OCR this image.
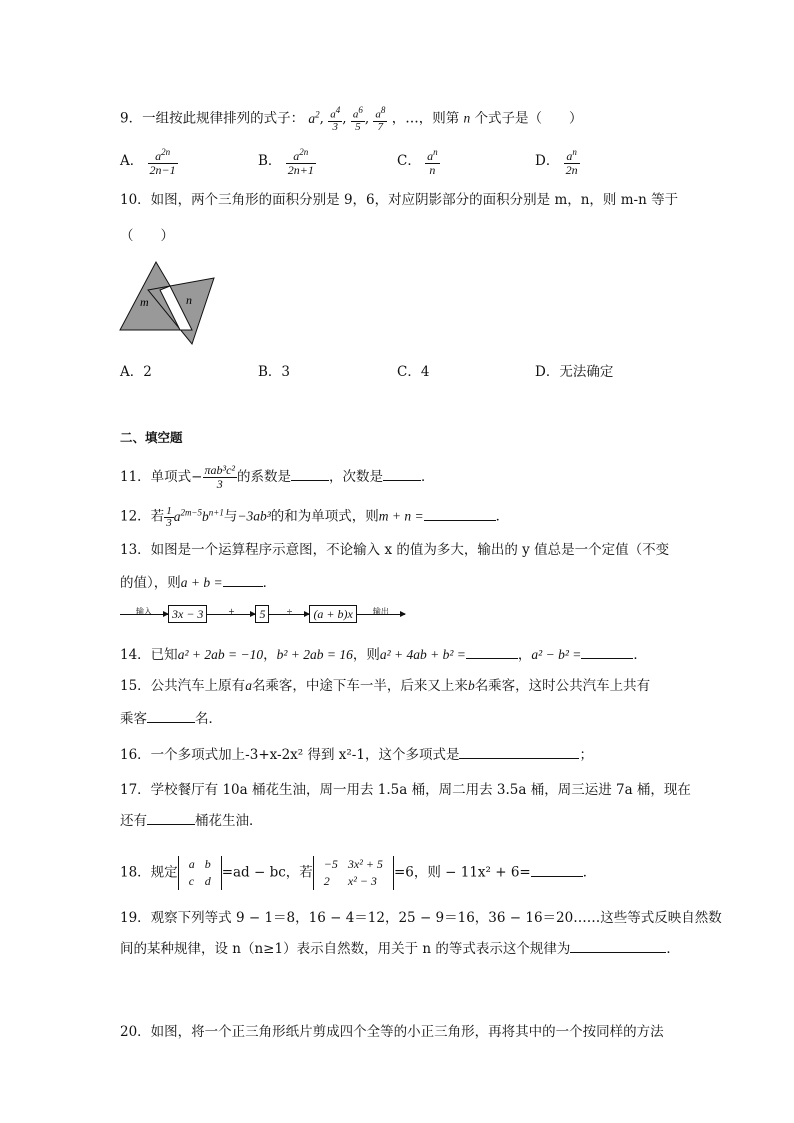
9．一组按此规律排列的式子： $a^2$, $\frac{a^4}{3}$ , $\frac{a^6}{5}$ , $\frac{a^8}{7}$ ，…，则第 n 个式子是（　　）
A． $\frac{a^{2n}}{2n-1}$	B． $\frac{a^{2n}}{2n+1}$	C． $\frac{a^n}{n}$	D． $\frac{a^n}{2n}$
10．如图，两个三角形的面积分别是 9，6，对应阴影部分的面积分别是 m，n，则 m-n 等于
（　　）
m	n
A．2	B．3	C．4	D．无法确定
二、填空题
11．单项式− $\frac{\text{πab³c²}}{3}$ 的系数是	，次数是	．
12．若 $\frac{1}{3} a^{2m-5}b^{n+1}$与−3ab³的和为单项式，则m + n =	．
13．如图是一个运算程序示意图，不论输入 x 的值为多大，输出的 y 值总是一个定值（不变
的值），则a + b =	．
输入	3x − 3	+	5	÷	(a + b)x	输出
14．已知a² + 2ab = −10，b² + 2ab = 16，则a² + 4ab + b² =	，a² − b² =	．
15．公共汽车上原有a名乘客，中途下车一半，后来又上来b名乘客，这时公共汽车上共有
乘客	名．
16．一个多项式加上-3+x-2x² 得到 x²-1，这个多项式是	；
17．学校餐厅有 10a 桶花生油，周一用去 1.5a 桶，周二用去 3.5a 桶，周三运进 7a 桶，现在
还有	桶花生油．
18．规定
a	b
c	d
=ad − bc，若
−5	3x² + 5
2	x² − 3
=6，则 − 11x² + 6=	．
19．观察下列等式 9 − 1＝8，16 − 4＝12，25 − 9＝16，36 − 16＝20……这些等式反映自然数
间的某种规律，设 n（n≥1）表示自然数，用关于 n 的等式表示这个规律为	．
20．如图，将一个正三角形纸片剪成四个全等的小正三角形，再将其中的一个按同样的方法
